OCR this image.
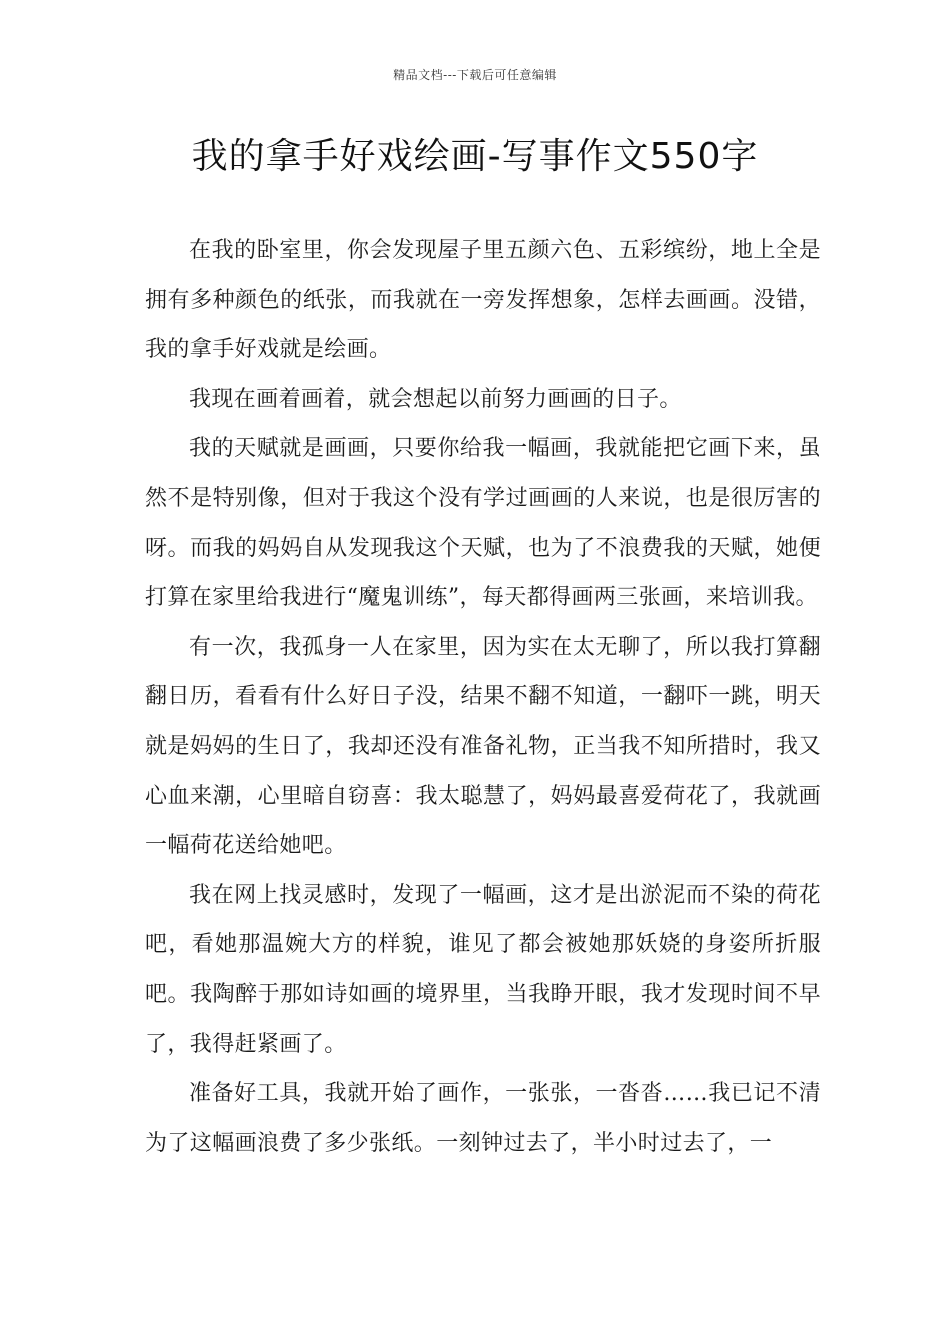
精品文档---下载后可任意编辑
我的拿手好戏绘画-写事作文550字

在我的卧室里，你会发现屋子里五颜六色、五彩缤纷，地上全是拥有多种颜色的纸张，而我就在一旁发挥想象，怎样去画画。没错，我的拿手好戏就是绘画。

我现在画着画着，就会想起以前努力画画的日子。

我的天赋就是画画，只要你给我一幅画，我就能把它画下来，虽然不是特别像，但对于我这个没有学过画画的人来说，也是很厉害的呀。而我的妈妈自从发现我这个天赋，也为了不浪费我的天赋，她便打算在家里给我进行“魔鬼训练”，每天都得画两三张画，来培训我。

有一次，我孤身一人在家里，因为实在太无聊了，所以我打算翻翻日历，看看有什么好日子没，结果不翻不知道，一翻吓一跳，明天就是妈妈的生日了，我却还没有准备礼物，正当我不知所措时，我又心血来潮，心里暗自窃喜：我太聪慧了，妈妈最喜爱荷花了，我就画一幅荷花送给她吧。

我在网上找灵感时，发现了一幅画，这才是出淤泥而不染的荷花吧，看她那温婉大方的样貌，谁见了都会被她那妖娆的身姿所折服吧。我陶醉于那如诗如画的境界里，当我睁开眼，我才发现时间不早了，我得赶紧画了。

准备好工具，我就开始了画作，一张张，一沓沓……我已记不清为了这幅画浪费了多少张纸。一刻钟过去了，半小时过去了，一
